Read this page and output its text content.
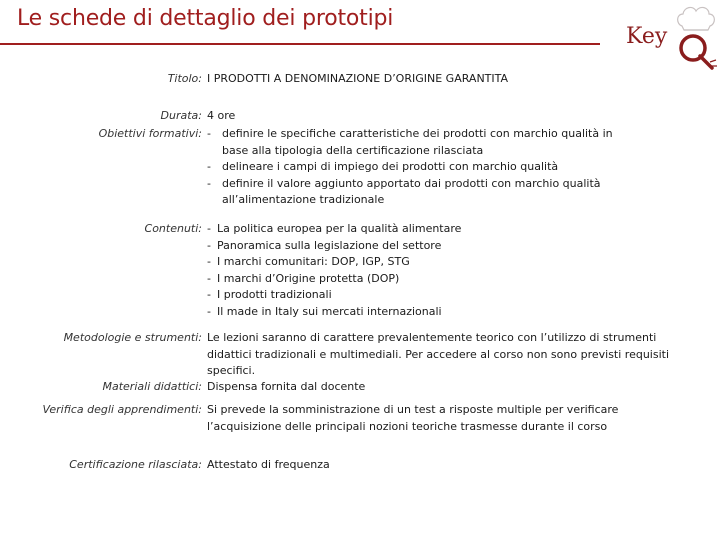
Le schede di dettaglio dei prototipi
Key
Titolo: I PRODOTTI A DENOMINAZIONE D’ORIGINE GARANTITA
Durata: 4 ore
Obiettivi formativi:	- definire le specifiche caratteristiche dei prodotti con marchio qualità in base alla tipologia della certificazione rilasciata
- delineare i campi di impiego dei prodotti con marchio qualità
- definire il valore aggiunto apportato dai prodotti con marchio qualità all’alimentazione tradizionale
Contenuti:	- La politica europea per la qualità alimentare
- Panoramica sulla legislazione del settore
- I marchi comunitari: DOP, IGP, STG
- I marchi d’Origine protetta (DOP)
- I prodotti tradizionali
- Il made in Italy sui mercati internazionali
Metodologie e strumenti: Le lezioni saranno di carattere prevalentemente teorico con l’utilizzo di strumenti didattici tradizionali e multimediali. Per accedere al corso non sono previsti requisiti specifici.
Materiali didattici: Dispensa fornita dal docente
Verifica degli apprendimenti: Si prevede la somministrazione di un test a risposte multiple per verificare l’acquisizione delle principali nozioni teoriche trasmesse durante il corso
Certificazione rilasciata: Attestato di frequenza
